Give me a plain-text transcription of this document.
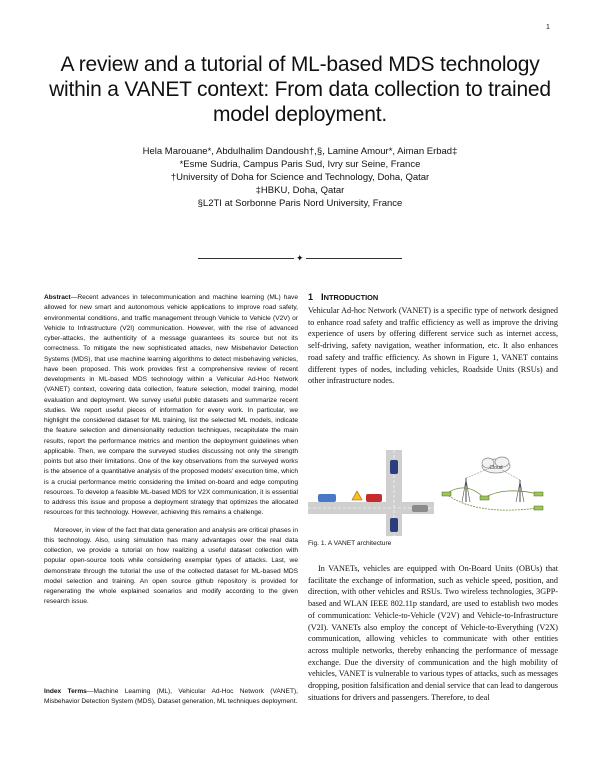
1
A review and a tutorial of ML-based MDS technology within a VANET context: From data collection to trained model deployment.
Hela Marouane*, Abdulhalim Dandoush†,§, Lamine Amour*, Aiman Erbad‡
*Esme Sudria, Campus Paris Sud, Ivry sur Seine, France
†University of Doha for Science and Technology, Doha, Qatar
‡HBKU, Doha, Qatar
§L2TI at Sorbonne Paris Nord University, France
✦

Abstract—Recent advances in telecommunication and machine learning (ML) have allowed for new smart and autonomous vehicle applications to improve road safety, environmental conditions, and traffic management through Vehicle to Vehicle (V2V) or Vehicle to Infrastructure (V2I) communication. However, with the rise of advanced cyber-attacks, the authenticity of a message guarantees its source but not its correctness. To mitigate the new sophisticated attacks, new Misbehavior Detection Systems (MDS), that use machine learning algorithms to detect misbehaving vehicles, have been proposed. This work provides first a comprehensive review of recent developments in ML-based MDS technology within a Vehicular Ad-Hoc Network (VANET) context, covering data collection, feature selection, model training, model evaluation and deployment. We survey useful public datasets and summarize recent studies. We report useful pieces of information for every work. In particular, we highlight the considered dataset for ML training, list the selected ML models, indicate the feature selection and dimensionality reduction techniques, recapitulate the main results, report the performance metrics and mention the deployment guidelines when applicable. Then, we compare the surveyed studies discussing not only the strength points but also their limitations. One of the key observations from the surveyed works is the absence of a quantitative analysis of the proposed models' execution time, which is a crucial performance metric considering the limited on-board and edge computing resources. To develop a feasible ML-based MDS for V2X communication, it is essential to address this issue and propose a deployment strategy that optimizes the allocated resources for this technology. However, achieving this remains a challenge.

Moreover, in view of the fact that data generation and analysis are critical phases in this technology. Also, using simulation has many advantages over the real data collection, we provide a tutorial on how realizing a useful dataset collection with popular open-source tools while considering exemplar types of attacks. Last, we demonstrate through the tutorial the use of the collected dataset for ML-based MDS model selection and training. An open source github repository is provided for regenerating the whole explained scenarios and modify according to the given research issue.

Index Terms—Machine Learning (ML), Vehicular Ad-Hoc Network (VANET), Misbehavior Detection System (MDS), Dataset generation, ML techniques deployment.
1 INTRODUCTION

Vehicular Ad-hoc Network (VANET) is a specific type of network designed to enhance road safety and traffic efficiency as well as improve the driving experience of users by offering different service such as internet access, self-driving, safety navigation, weather information, etc. It also enhances road safety and traffic efficiency. As shown in Figure 1, VANET contains different types of nodes, including vehicles, Roadside Units (RSUs) and other infrastructure nodes.

Cloud
Fig. 1. A VANET architecture

In VANETs, vehicles are equipped with On-Board Units (OBUs) that facilitate the exchange of information, such as vehicle speed, position, and direction, with other vehicles and RSUs. Two wireless technologies, 3GPP-based and WLAN IEEE 802.11p standard, are used to establish two modes of communication: Vehicle-to-Vehicle (V2V) and Vehicle-to-Infrastructure (V2I). VANETs also employ the concept of Vehicle-to-Everything (V2X) communication, allowing vehicles to communicate with other entities across multiple networks, thereby enhancing the performance of message exchange. Due the diversity of communication and the high mobility of vehicles, VANET is vulnerable to various types of attacks, such as messages dropping, position falsification and denial service that can lead to dangerous situations for drivers and passengers. Therefore, to deal
